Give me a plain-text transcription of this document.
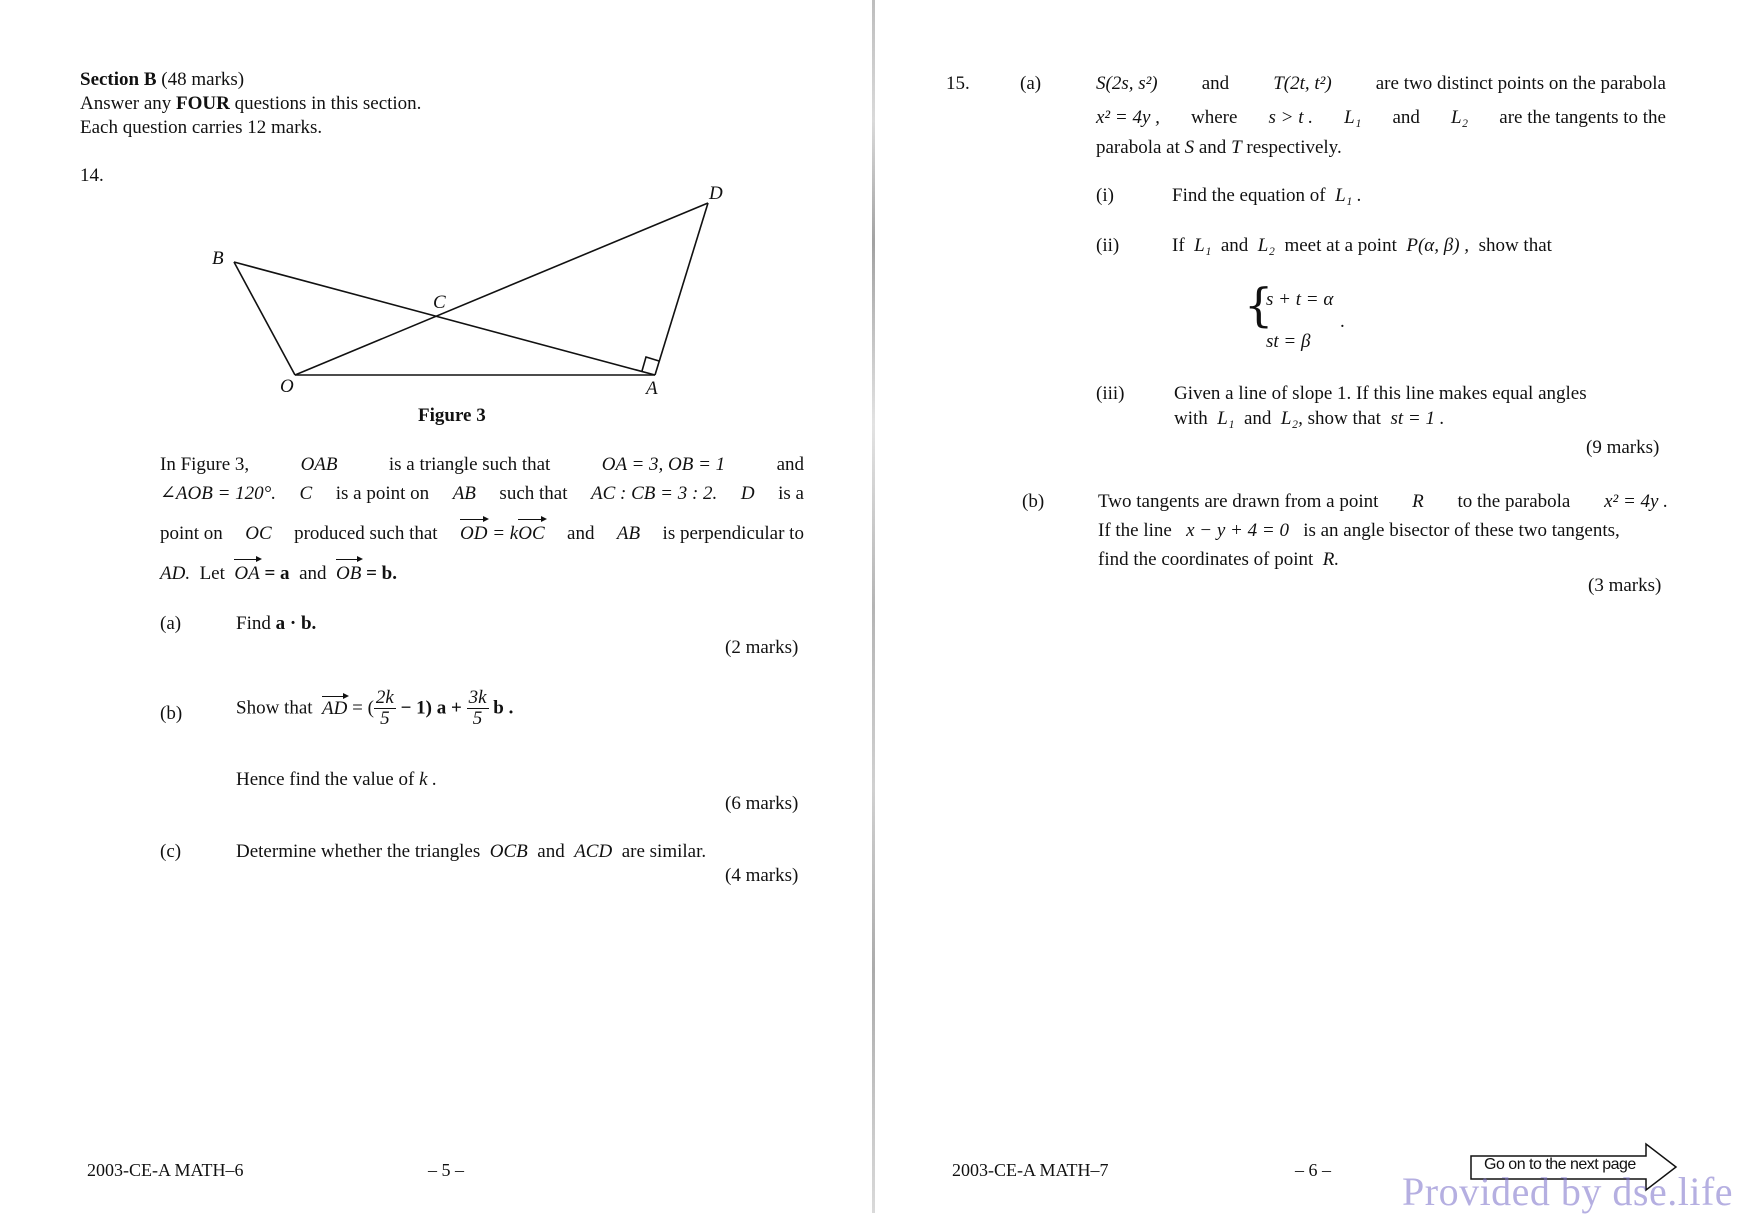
Section B (48 marks)
Answer any FOUR questions in this section.
Each question carries 12 marks.
14.
B
C
D
O	A
Figure 3
In Figure 3,	OAB	is a triangle such that	OA = 3, OB = 1	and
∠AOB = 120°. C is a point on AB such that AC : CB = 3 : 2. D is a
point on OC produced such that OD = kOC and AB is perpendicular to
AD. Let OA = a and OB = b.
(a)	Find a · b.
(2 marks)
(b)	Show that AD = ( $\frac{2k}{5} - 1$) $a + \frac{3k}{5}$ b .
Hence find the value of k .
(6 marks)
(c)	Determine whether the triangles OCB and ACD are similar.
(4 marks)
2003-CE-A MATH–6	– 5 –
15.	(a)	S(2s, s²) and T(2t, t²) are two distinct points on the parabola
x² = 4y , where s > t . L₁ and L₂ are the tangents to the
parabola at S and T respectively.
(i)	Find the equation of L₁ .
(ii)	If L₁ and L₂ meet at a point P(α, β) , show that
{
s + t = α
st = β
.
(iii)	Given a line of slope 1. If this line makes equal angles
with L₁ and L₂, show that st = 1 .
(9 marks)
(b)	Two tangents are drawn from a point R to the parabola x² = 4y .
If the line x − y + 4 = 0 is an angle bisector of these two tangents,
find the coordinates of point R.
(3 marks)
2003-CE-A MATH–7	– 6 –	Go on to the next page
Provided by dse.life
